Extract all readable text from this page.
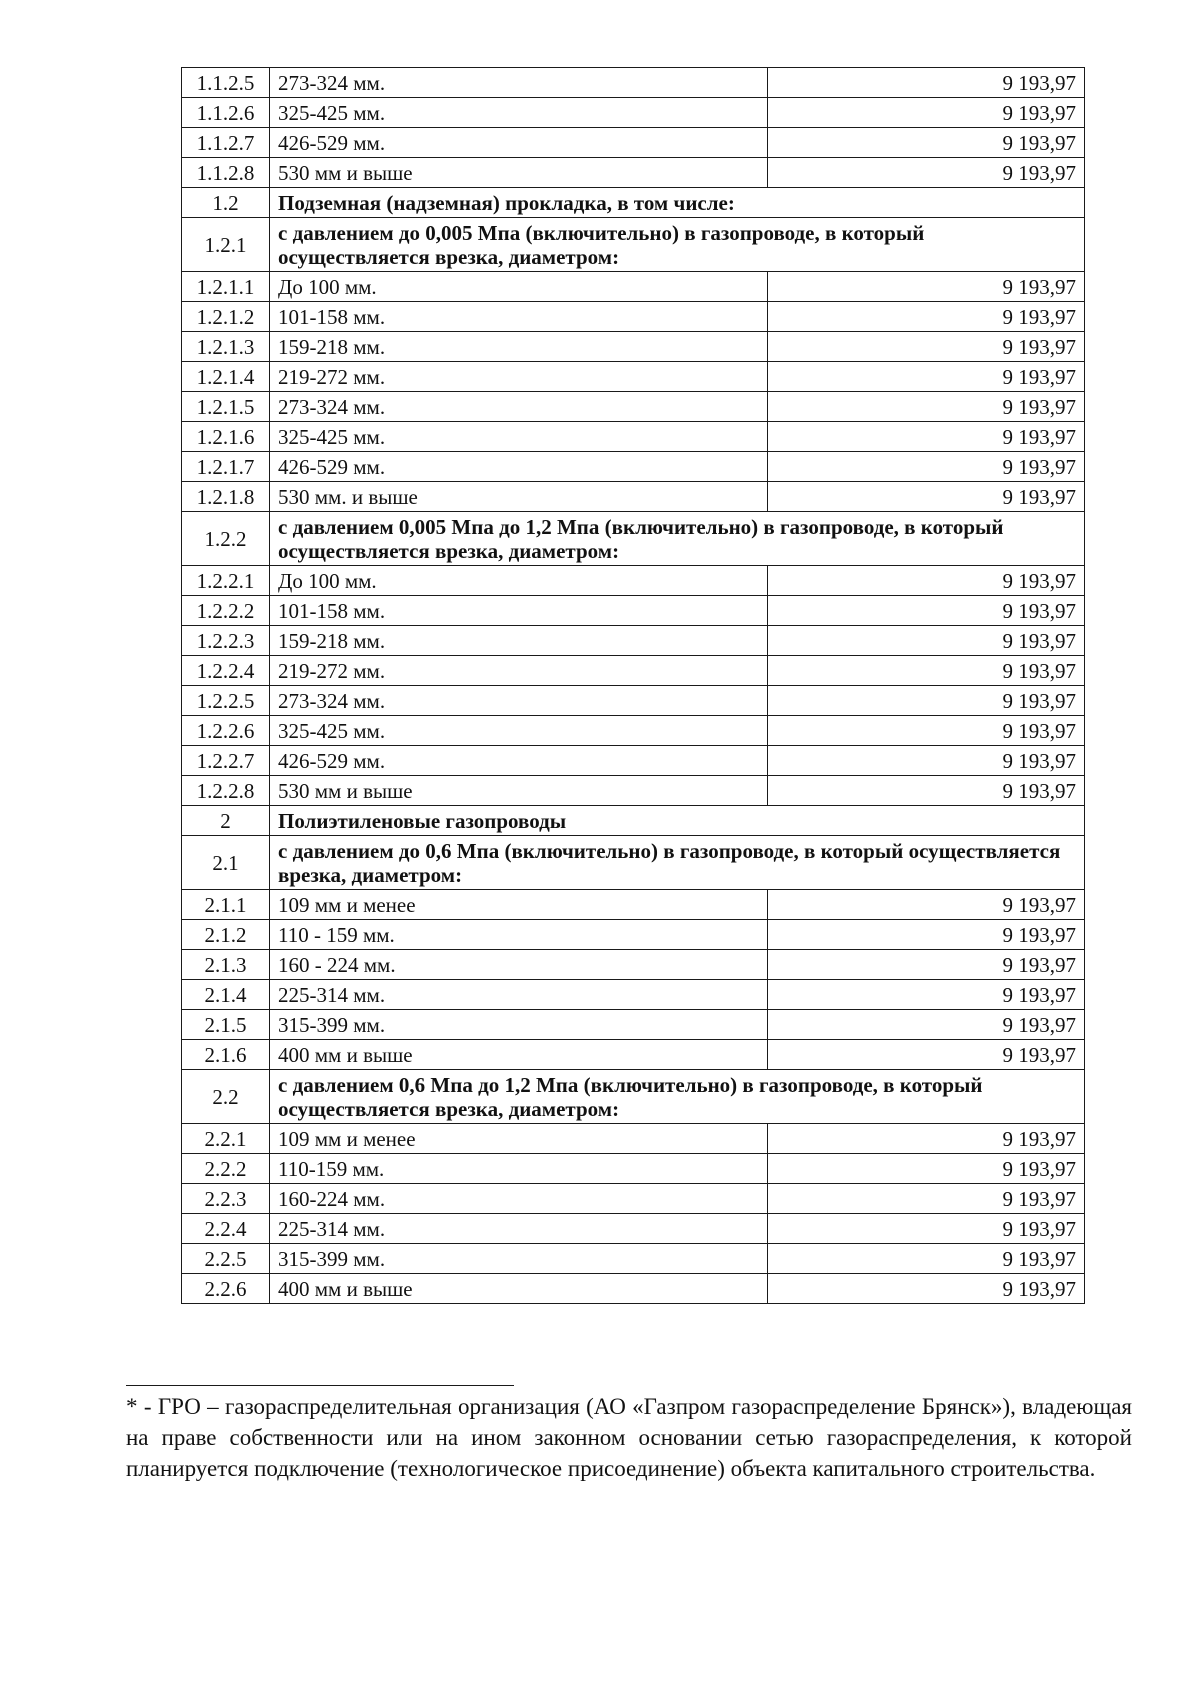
1.1.2.5	273-324 мм.	9 193,97
1.1.2.6	325-425 мм.	9 193,97
1.1.2.7	426-529 мм.	9 193,97
1.1.2.8	530 мм и выше	9 193,97
1.2	Подземная (надземная) прокладка, в том числе:	
1.2.1	с давлением до 0,005 Мпа (включительно) в газопроводе, в который осуществляется врезка, диаметром:	
1.2.1.1	До 100 мм.	9 193,97
1.2.1.2	101-158 мм.	9 193,97
1.2.1.3	159-218 мм.	9 193,97
1.2.1.4	219-272 мм.	9 193,97
1.2.1.5	273-324 мм.	9 193,97
1.2.1.6	325-425 мм.	9 193,97
1.2.1.7	426-529 мм.	9 193,97
1.2.1.8	530 мм. и выше	9 193,97
1.2.2	с давлением 0,005 Мпа до 1,2 Мпа (включительно) в газопроводе, в который осуществляется врезка, диаметром:	
1.2.2.1	До 100 мм.	9 193,97
1.2.2.2	101-158 мм.	9 193,97
1.2.2.3	159-218 мм.	9 193,97
1.2.2.4	219-272 мм.	9 193,97
1.2.2.5	273-324 мм.	9 193,97
1.2.2.6	325-425 мм.	9 193,97
1.2.2.7	426-529 мм.	9 193,97
1.2.2.8	530 мм и выше	9 193,97
2	Полиэтиленовые газопроводы	
2.1	с давлением до 0,6 Мпа (включительно) в газопроводе, в который осуществляется врезка, диаметром:	
2.1.1	109 мм и менее	9 193,97
2.1.2	110 - 159 мм.	9 193,97
2.1.3	160 - 224 мм.	9 193,97
2.1.4	225-314 мм.	9 193,97
2.1.5	315-399 мм.	9 193,97
2.1.6	400 мм и выше	9 193,97
2.2	с давлением 0,6 Мпа до 1,2 Мпа (включительно) в газопроводе, в который осуществляется врезка, диаметром:	
2.2.1	109 мм и менее	9 193,97
2.2.2	110-159 мм.	9 193,97
2.2.3	160-224 мм.	9 193,97
2.2.4	225-314 мм.	9 193,97
2.2.5	315-399 мм.	9 193,97
2.2.6	400 мм и выше	9 193,97

* - ГРО – газораспределительная организация (АО «Газпром газораспределение Брянск»), владеющая на праве собственности или на ином законном основании сетью газораспределения, к которой планируется подключение (технологическое присоединение) объекта капитального строительства.
